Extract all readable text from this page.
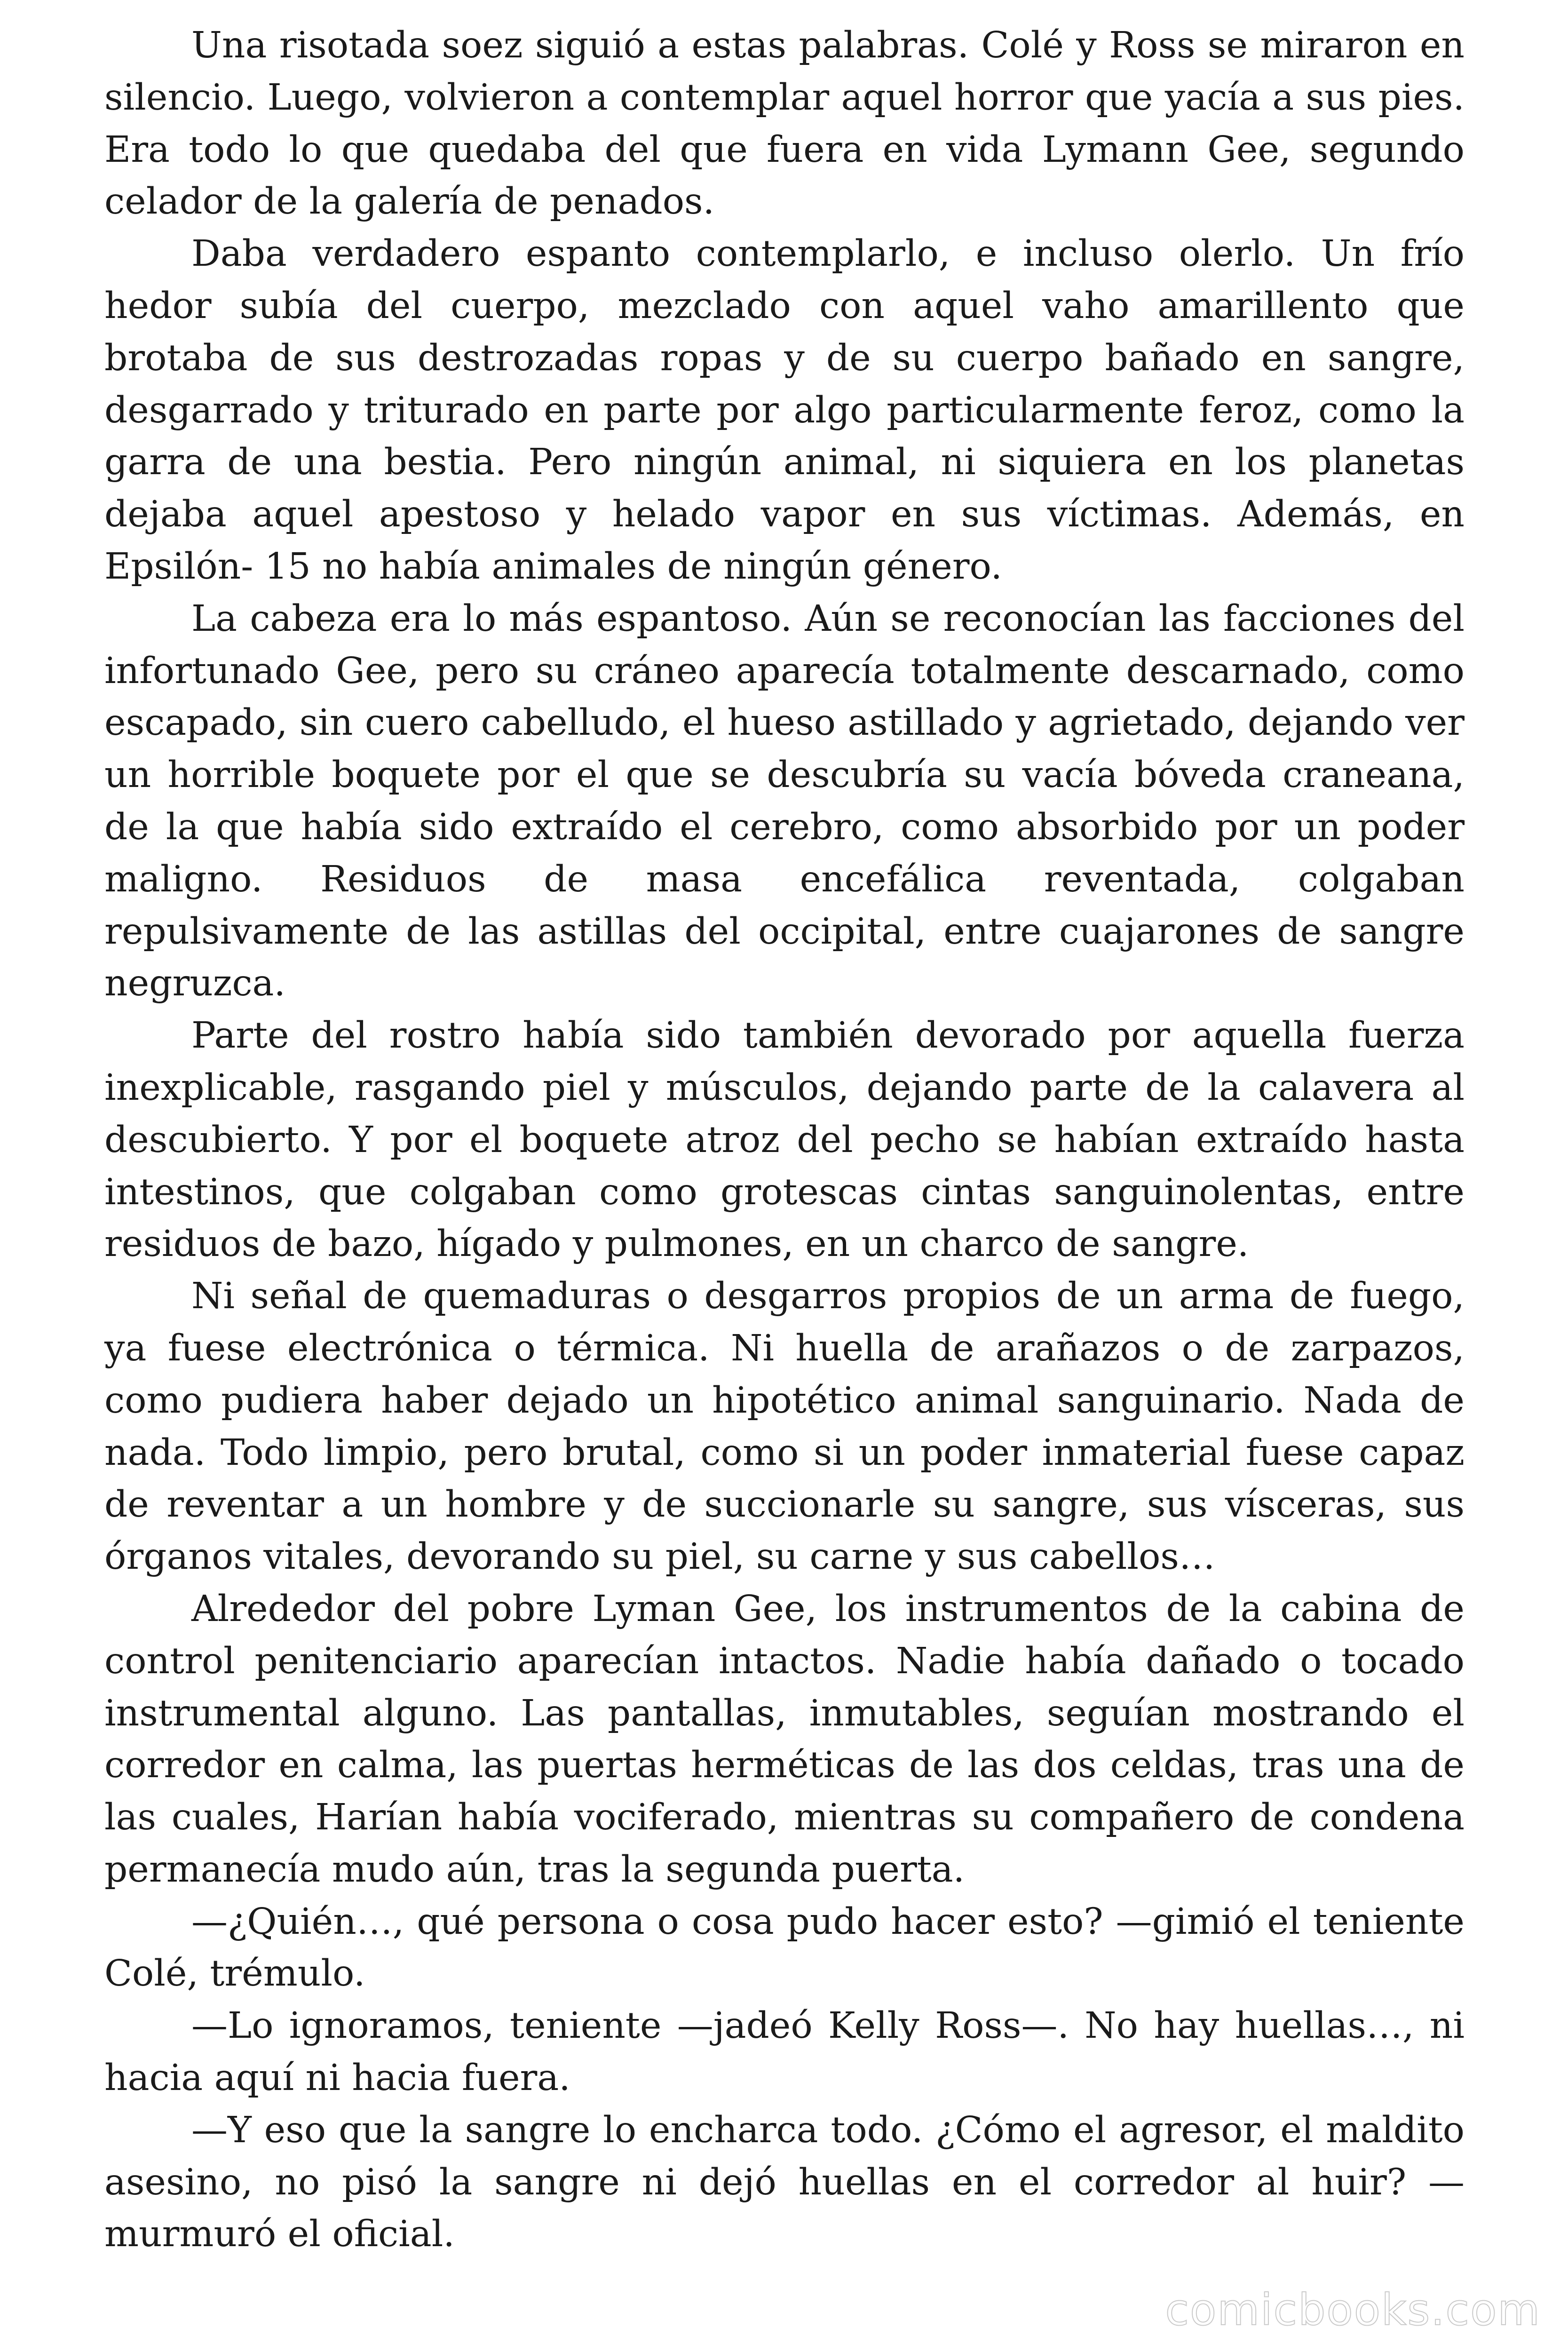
Una risotada soez siguió a estas palabras. Colé y Ross se miraron en silencio. Luego, volvieron a contemplar aquel horror que yacía a sus pies. Era todo lo que quedaba del que fuera en vida Lymann Gee, segundo celador de la galería de penados.

Daba verdadero espanto contemplarlo, e incluso olerlo. Un frío hedor subía del cuerpo, mezclado con aquel vaho amarillento que brotaba de sus destrozadas ropas y de su cuerpo bañado en sangre, desgarrado y triturado en parte por algo particularmente feroz, como la garra de una bestia. Pero ningún animal, ni siquiera en los planetas dejaba aquel apestoso y helado vapor en sus víctimas. Además, en Epsilón- 15 no había animales de ningún género.

La cabeza era lo más espantoso. Aún se reconocían las facciones del infortunado Gee, pero su cráneo aparecía totalmente descarnado, como escapado, sin cuero cabelludo, el hueso astillado y agrietado, dejando ver un horrible boquete por el que se descubría su vacía bóveda craneana, de la que había sido extraído el cerebro, como absorbido por un poder maligno. Residuos de masa encefálica reventada, colgaban repulsivamente de las astillas del occipital, entre cuajarones de sangre negruzca.

Parte del rostro había sido también devorado por aquella fuerza inexplicable, rasgando piel y músculos, dejando parte de la calavera al descubierto. Y por el boquete atroz del pecho se habían extraído hasta intestinos, que colgaban como grotescas cintas sanguinolentas, entre residuos de bazo, hígado y pulmones, en un charco de sangre.

Ni señal de quemaduras o desgarros propios de un arma de fuego, ya fuese electrónica o térmica. Ni huella de arañazos o de zarpazos, como pudiera haber dejado un hipotético animal sanguinario. Nada de nada. Todo limpio, pero brutal, como si un poder inmaterial fuese capaz de reventar a un hombre y de succionarle su sangre, sus vísceras, sus órganos vitales, devorando su piel, su carne y sus cabellos…

Alrededor del pobre Lyman Gee, los instrumentos de la cabina de control penitenciario aparecían intactos. Nadie había dañado o tocado instrumental alguno. Las pantallas, inmutables, seguían mostrando el corredor en calma, las puertas herméticas de las dos celdas, tras una de las cuales, Harían había vociferado, mientras su compañero de condena permanecía mudo aún, tras la segunda puerta.

—¿Quién…, qué persona o cosa pudo hacer esto? —gimió el teniente Colé, trémulo.

—Lo ignoramos, teniente —jadeó Kelly Ross—. No hay huellas…, ni hacia aquí ni hacia fuera.

—Y eso que la sangre lo encharca todo. ¿Cómo el agresor, el maldito asesino, no pisó la sangre ni dejó huellas en el corredor al huir? —murmuró el oficial.

comicbooks.com
